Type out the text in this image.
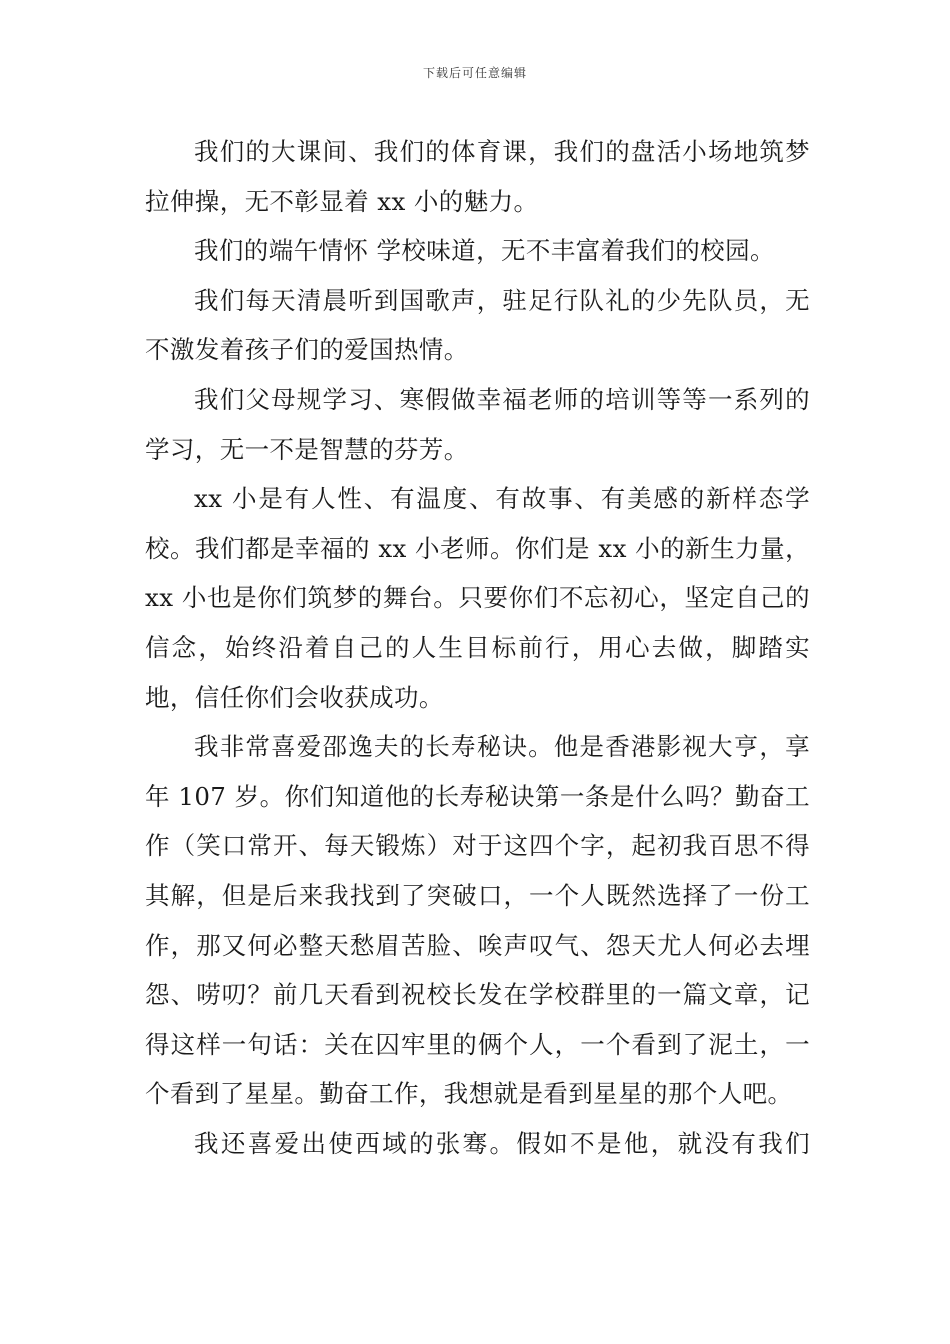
下载后可任意编辑

我们的大课间、我们的体育课，我们的盘活小场地筑梦拉伸操，无不彰显着 xx 小的魅力。

我们的端午情怀 学校味道，无不丰富着我们的校园。

我们每天清晨听到国歌声，驻足行队礼的少先队员，无不激发着孩子们的爱国热情。

我们父母规学习、寒假做幸福老师的培训等等一系列的学习，无一不是智慧的芬芳。

xx 小是有人性、有温度、有故事、有美感的新样态学校。我们都是幸福的 xx 小老师。你们是 xx 小的新生力量，xx 小也是你们筑梦的舞台。只要你们不忘初心，坚定自己的信念，始终沿着自己的人生目标前行，用心去做，脚踏实地，信任你们会收获成功。

我非常喜爱邵逸夫的长寿秘诀。他是香港影视大亨，享年 107 岁。你们知道他的长寿秘诀第一条是什么吗？勤奋工作（笑口常开、每天锻炼）对于这四个字，起初我百思不得其解，但是后来我找到了突破口，一个人既然选择了一份工作，那又何必整天愁眉苦脸、唉声叹气、怨天尤人何必去埋怨、唠叨？前几天看到祝校长发在学校群里的一篇文章，记得这样一句话：关在囚牢里的俩个人，一个看到了泥土，一个看到了星星。勤奋工作，我想就是看到星星的那个人吧。

我还喜爱出使西域的张骞。假如不是他，就没有我们
